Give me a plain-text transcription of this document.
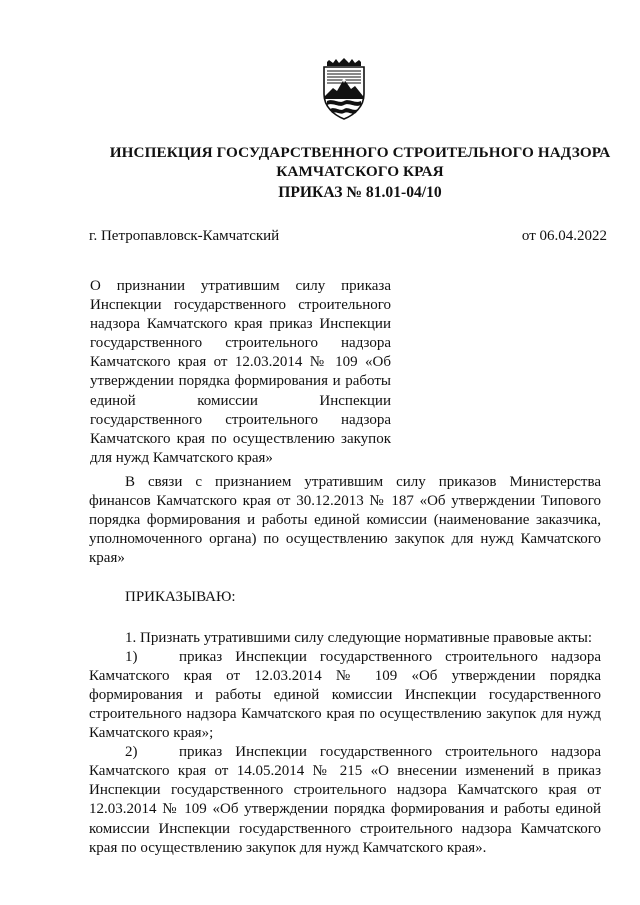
ИНСПЕКЦИЯ ГОСУДАРСТВЕННОГО СТРОИТЕЛЬНОГО НАДЗОРА
КАМЧАТСКОГО КРАЯ
ПРИКАЗ № 81.01-04/10
г. Петропавловск-Камчатский	от 06.04.2022
О признании утратившим силу приказа Инспекции государственного строительного надзора Камчатского края приказ Инспекции государственного строительного надзора Камчатского края от 12.03.2014 № 109 «Об утверждении порядка формирования и работы единой комиссии Инспекции государственного строительного надзора Камчатского края по осуществлению закупок для нужд Камчатского края»

В связи с признанием утратившим силу приказов Министерства финансов Камчатского края от 30.12.2013 № 187 «Об утверждении Типового порядка формирования и работы единой комиссии (наименование заказчика, уполномоченного органа) по осуществлению закупок для нужд Камчатского края»

ПРИКАЗЫВАЮ:

1. Признать утратившими силу следующие нормативные правовые акты:

1)	приказ Инспекции государственного строительного надзора Камчатского края от 12.03.2014 № 109 «Об утверждении порядка формирования и работы единой комиссии Инспекции государственного строительного надзора Камчатского края по осуществлению закупок для нужд Камчатского края»;

2)	приказ Инспекции государственного строительного надзора Камчатского края от 14.05.2014 № 215 «О внесении изменений в приказ Инспекции государственного строительного надзора Камчатского края от 12.03.2014 № 109 «Об утверждении порядка формирования и работы единой комиссии Инспекции государственного строительного надзора Камчатского края по осуществлению закупок для нужд Камчатского края».
